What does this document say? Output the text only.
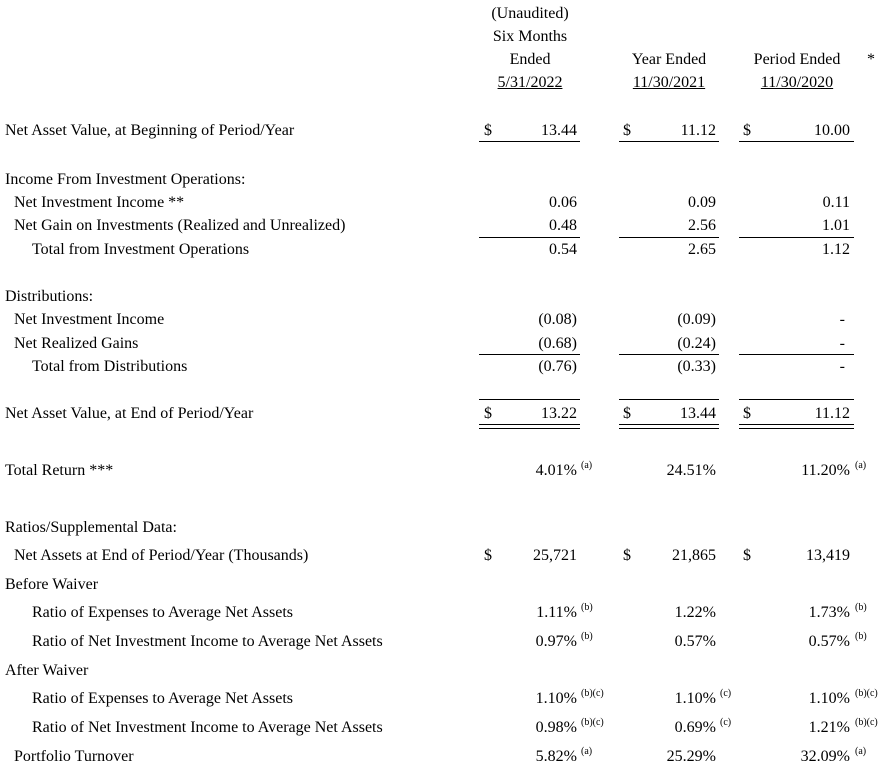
(Unaudited)
Six Months
Ended
5/31/2022
Year Ended
11/30/2021
Period Ended	*
11/30/2020
Net Asset Value, at Beginning of Period/Year	$	13.44	$	11.12 $	10.00
Income From Investment Operations:
Net Investment Income **	0.06	0.09	0.11
Net Gain on Investments (Realized and Unrealized)	0.48	2.56	1.01
Total from Investment Operations	0.54	2.65	1.12
Distributions:
Net Investment Income	(0.08)	(0.09)	-
Net Realized Gains	(0.68)	(0.24)	-
Total from Distributions	(0.76)	(0.33)	-
Net Asset Value, at End of Period/Year	$	13.22	$	13.44 $	11.12
Total Return ***	4.01% $^{(a)}$	24.51%	11.20% $^{(a)}$
Ratios/Supplemental Data:
Net Assets at End of Period/Year (Thousands)	$	25,721	$	21,865 $	13,419
Before Waiver
Ratio of Expenses to Average Net Assets	1.11% $^{(b)}$	1.22%	1.73% $^{(b)}$
Ratio of Net Investment Income to Average Net Assets	0.97% $^{(b)}$	0.57%	0.57% $^{(b)}$
After Waiver
Ratio of Expenses to Average Net Assets	1.10% $^{(b)(c)}$	1.10% $^{(c)}$	1.10% $^{(b)(c)}$
Ratio of Net Investment Income to Average Net Assets	0.98% $^{(b)(c)}$	0.69% $^{(c)}$	1.21% $^{(b)(c)}$
Portfolio Turnover	5.82% $^{(a)}$	25.29%	32.09% $^{(a)}$
